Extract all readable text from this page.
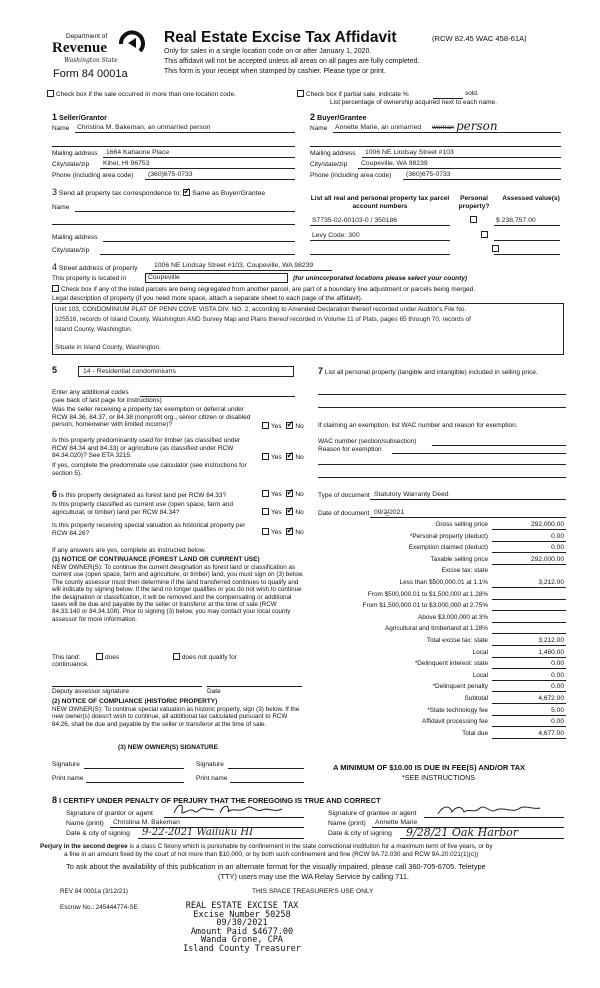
Department of
Revenue
Washington State
Form 84 0001a
Real Estate Excise Tax Affidavit	(RCW 82.45 WAC 458-61A)
Only for sales in a single location code on or after January 1, 2020.
This affidavit will not be accepted unless all areas on all pages are fully completed.
This form is your receipt when stamped by cashier. Please type or print.
Check box if the sale occurred in more than one location code.	Check box if partial sale, indicate %	sold.
List percentage of ownership acquired next to each name.
1 Seller/Grantor
Name Christina M. Bakeman, an unmarried person
Mailing address 1664 Kahaone Place
City/state/zip Kihei, HI 96753
Phone (including area code) (360)675-0733
2 Buyer/Grantee
Name Annette Marie, an unmarried woman person
Mailing address 1006 NE Lindsay Street #103
City/state/zip Coupeville, WA 98239
Phone (including area code) (360)675-0733
3 Send all property tax correspondence to: ✓ Same as Buyer/Grantee
Name
Mailing address
City/state/zip
List all real and personal property tax parcel account numbers
Personal property?
Assessed value(s)
S7735-02-00103-0 / 350186
	$ 238,757.00
Levy Code: 300

4 Street address of property 1006 NE Lindsay Street #103, Coupeville, WA 98239
This property is located in	Coupeville	(for unincorporated locations please select your county)
Check box if any of the listed parcels are being segregated from another parcel, are part of a boundary line adjustment or parcels being merged.
Legal description of property (if you need more space, attach a separate sheet to each page of the affidavit).
Unit 103, CONDOMINIUM PLAT OF PENN COVE VISTA DIV. NO. 2, according to Amended Declaration thereof recorded under Auditor's File No.
325516, records of Island County, Washington AND Survey Map and Plans thereof recorded in Volume 11 of Plats, pages 65 through 70, records of
Island County, Washington.
Situate in Island County, Washington.
5	14 - Residential condominiums
Enter any additional codes
(see back of last page for instructions)
Was the seller receiving a property tax exemption or deferral under RCW 84.36, 84.37, or 84.38 (nonprofit org., senior citizen or disabled person, homeowner with limited income)?	Yes ✓ No
Is this property predominantly used for timber (as classified under RCW 84.34 and 84.33) or agriculture (as classified under RCW 84.34.020)? See ETA 3215.	Yes ✓ No
If yes, complete the predominate use calculator (see instructions for section 5).
6 Is this property designated as forest land per RCW 84.33?	Yes ✓ No
Is this property classified as current use (open space, farm and agricultural, or timber) land per RCW 84.34?	Yes ✓ No
Is this property receiving special valuation as historical property per RCW 84.26?	Yes ✓ No
If any answers are yes, complete as instructed below.
(1) NOTICE OF CONTINUANCE (FOREST LAND OR CURRENT USE)
NEW OWNER(S): To continue the current designation as forest land or classification as current use (open space, farm and agriculture, or timber) land, you must sign on (3) below. The county assessor must then determine if the land transferred continues to qualify and will indicate by signing below. If the land no longer qualifies or you do not wish to continue the designation or classification, it will be removed and the compensating or additional taxes will be due and payable by the seller or transferor at the time of sale (RCW 84.33.140 or 84.34.108). Prior to signing (3) below, you may contact your local county assessor for more information.
This land:	does	does not qualify for
continuance.
Deputy assessor signature	Date
(2) NOTICE OF COMPLIANCE (HISTORIC PROPERTY)
NEW OWNER(S): To continue special valuation as historic property, sign (3) below. If the new owner(s) doesn't wish to continue, all additional tax calculated pursuant to RCW 84.26, shall be due and payable by the seller or transferor at the time of sale.
(3) NEW OWNER(S) SIGNATURE
Signature	Signature
Print name	Print name
7 List all personal property (tangible and intangible) included in selling price.
If claiming an exemption, list WAC number and reason for exemption.
WAC number (section/subsection)
Reason for exemption
Type of document Statutory Warranty Deed
Date of document 09/2̶̲/2021
Gross selling price	292,000.00
*Personal property (deduct)	0.00
Exemption claimed (deduct)	0.00
Taxable selling price	292,000.00
Excise tax: state
Less than $500,000.01 at 1.1%	3,212.00
From $500,000.01 to $1,500,000 at 1.28%
From $1,500,000.01 to $3,000,000 at 2.75%
Above $3,000,000 at 3%
Agricultural and timberland at 1.28%
Total excise tax: state	3,212.00
Local	1,460.00
*Delinquent interest: state	0.00
Local	0.00
*Delinquent penalty	0.00
Subtotal	4,672.00
*State technology fee	5.00
Affidavit processing fee	0.00
Total due	4,677.00
A MINIMUM OF $10.00 IS DUE IN FEE(S) AND/OR TAX
*SEE INSTRUCTIONS
8 I CERTIFY UNDER PENALTY OF PERJURY THAT THE FOREGOING IS TRUE AND CORRECT
Signature of grantor or agent	Signature of grantee or agent
Name (print) Christina M. Bakeman	Name (print) Annette Marie
Date & city of signing 9-22-2021 Wailuku HI	Date & city of signing 9/28/21 Oak Harbor
Perjury in the second degree is a class C felony which is punishable by confinement in the state correctional institution for a maximum term of five years, or by
a fine in an amount fixed by the court of not more than $10,000, or by both such confinement and fine (RCW 9A.72.030 and RCW 9A.20.021(1)(c))
To ask about the availability of this publication in an alternate format for the visually impaired, please call 360-705-6705. Teletype
(TTY) users may use the WA Relay Service by calling 711.
REV 84 0001a (3/12/21)	THIS SPACE TREASURER'S USE ONLY
Escrow No.: 245444774-SE	REAL ESTATE EXCISE TAX
Excise Number 50258
09/30/2021
Amount Paid $4677.00
Wanda Grone, CPA
Island County Treasurer
